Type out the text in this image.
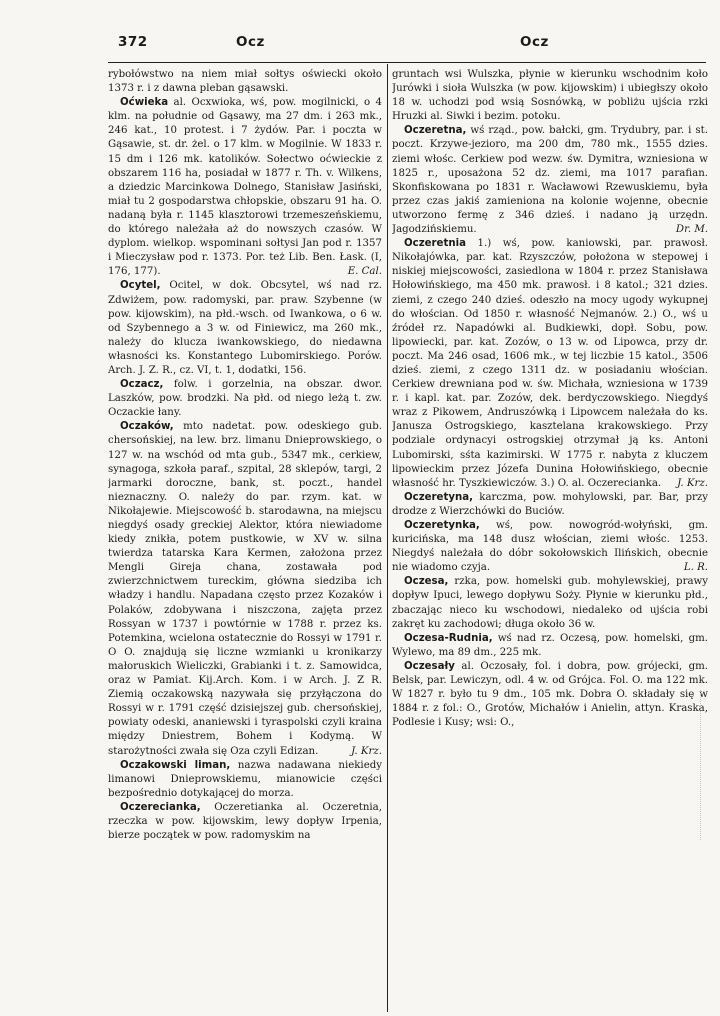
372	Ocz	Ocz

rybołówstwo na niem miał sołtys oświecki około 1373 r. i z dawna pleban gąsawski.

Oćwieka al. Ocxwioka, wś, pow. mogilnicki, o 4 klm. na południe od Gąsawy, ma 27 dm. i 263 mk., 246 kat., 10 protest. i 7 żydów. Par. i poczta w Gąsawie, st. dr. żel. o 17 klm. w Mogilnie. W 1833 r. 15 dm i 126 mk. katolików. Sołectwo oćwieckie z obszarem 116 ha, posiadał w 1877 r. Th. v. Wilkens, a dziedzic Marcinkowa Dolnego, Stanisław Jasiński, miał tu 2 gospodarstwa chłopskie, obszaru 91 ha. O. nadaną była r. 1145 klasztorowi trzemeszeńskiemu, do którego należała aż do nowszych czasów. W dyplom. wielkop. wspominani sołtysi Jan pod r. 1357 i Mieczysław pod r. 1373. Por. też Lib. Ben. Łask. (I, 176, 177).	E. Cal.

Ocytel, Ocitel, w dok. Obcsytel, wś nad rz. Zdwiżem, pow. radomyski, par. praw. Szybenne (w pow. kijowskim), na płd.-wsch. od Iwankowa, o 6 w. od Szybennego a 3 w. od Finiewicz, ma 260 mk., należy do klucza iwankowskiego, do niedawna własności ks. Konstantego Lubomirskiego. Porów. Arch. J. Z. R., cz. VI, t. 1, dodatki, 156.

Oczacz, folw. i gorzelnia, na obszar. dwor. Laszków, pow. brodzki. Na płd. od niego leżą t. zw. Oczackie łany.

Oczaków, mto nadetat. pow. odeskiego gub. chersońskiej, na lew. brz. limanu Dnieprowskiego, o 127 w. na wschód od mta gub., 5347 mk., cerkiew, synagoga, szkoła paraf., szpital, 28 sklepów, targi, 2 jarmarki doroczne, bank, st. poczt., handel nieznaczny. O. należy do par. rzym. kat. w Nikołajewie. Miejscowość b. starodawna, na miejscu niegdyś osady greckiej Alektor, która niewiadome kiedy znikła, potem pustkowie, w XV w. silna twierdza tatarska Kara Kermen, założona przez Mengli Gireja chana, zostawała pod zwierzchnictwem tureckim, główna siedziba ich władzy i handlu. Napadana często przez Kozaków i Polaków, zdobywana i niszczona, zajęta przez Rossyan w 1737 i powtórnie w 1788 r. przez ks. Potemkina, wcielona ostatecznie do Rossyi w 1791 r. O O. znajdują się liczne wzmianki u kronikarzy małoruskich Wieliczki, Grabianki i t. z. Samowidca, oraz w Pamiat. Kij.Arch. Kom. i w Arch. J. Z R. Ziemią oczakowską nazywała się przyłączona do Rossyi w r. 1791 część dzisiejszej gub. chersońskiej, powiaty odeski, ananiewski i tyraspolski czyli kraina między Dniestrem, Bohem i Kodymą. W starożytności zwała się Oza czyli Edizan.	J. Krz.

Oczakowski liman, nazwa nadawana niekiedy limanowi Dnieprowskiemu, mianowicie części bezpośrednio dotykającej do morza.

Oczerecianka, Oczeretianka al. Oczeretnia, rzeczka w pow. kijowskim, lewy dopływ Irpenia, bierze początek w pow. radomyskim na

gruntach wsi Wulszka, płynie w kierunku wschodnim koło Jurówki i sioła Wulszka (w pow. kijowskim) i ubiegłszy około 18 w. uchodzi pod wsią Sosnówką, w pobliżu ujścia rzki Hruzki al. Siwki i bezim. potoku.

Oczeretna, wś rząd., pow. bałcki, gm. Trydubry, par. i st. poczt. Krzywe-jezioro, ma 200 dm, 780 mk., 1555 dzies. ziemi włośc. Cerkiew pod wezw. św. Dymitra, wzniesiona w 1825 r., uposażona 52 dz. ziemi, ma 1017 parafian. Skonfiskowana po 1831 r. Wacławowi Rzewuskiemu, była przez czas jakiś zamieniona na kolonie wojenne, obecnie utworzono fermę z 346 dzieś. i nadano ją urzędn. Jagodzińskiemu.	Dr. M.

Oczeretnia 1.) wś, pow. kaniowski, par. prawosł. Nikołajówka, par. kat. Rzyszczów, położona w stepowej i niskiej miejscowości, zasiedlona w 1804 r. przez Stanisława Hołowińskiego, ma 450 mk. prawosł. i 8 katol.; 321 dzies. ziemi, z czego 240 dzieś. odeszło na mocy ugody wykupnej do włościan. Od 1850 r. własność Nejmanów. 2.) O., wś u źródeł rz. Napadówki al. Budkiewki, dopł. Sobu, pow. lipowiecki, par. kat. Zozów, o 13 w. od Lipowca, przy dr. poczt. Ma 246 osad, 1606 mk., w tej liczbie 15 katol., 3506 dzieś. ziemi, z czego 1311 dz. w posiadaniu włościan. Cerkiew drewniana pod w. św. Michała, wzniesiona w 1739 r. i kapl. kat. par. Zozów, dek. berdyczowskiego. Niegdyś wraz z Pikowem, Andruszówką i Lipowcem należała do ks. Janusza Ostrogskiego, kasztelana krakowskiego. Przy podziale ordynacyi ostrogskiej otrzymał ją ks. Antoni Lubomirski, sśta kazimirski. W 1775 r. nabyta z kluczem lipowieckim przez Józefa Dunina Hołowińskiego, obecnie własność hr. Tyszkiewiczów. 3.) O. al. Oczerecianka.	J. Krz.

Oczeretyna, karczma, pow. mohylowski, par. Bar, przy drodze z Wierzchówki do Buciów.

Oczeretynka, wś, pow. nowogród-wołyński, gm. kuricińska, ma 148 dusz włościan, ziemi włośc. 1253. Niegdyś należała do dóbr sokołowskich Ilińskich, obecnie nie wiadomo czyja.	L. R.

Oczesa, rzka, pow. homelski gub. mohylewskiej, prawy dopływ Ipuci, lewego dopływu Soży. Płynie w kierunku płd., zbaczając nieco ku wschodowi, niedaleko od ujścia robi zakręt ku zachodowi; długa około 36 w.

Oczesa-Rudnia, wś nad rz. Oczesą, pow. homelski, gm. Wylewo, ma 89 dm., 225 mk.

Oczesały al. Oczosały, fol. i dobra, pow. grójecki, gm. Belsk, par. Lewiczyn, odl. 4 w. od Grójca. Fol. O. ma 122 mk. W 1827 r. było tu 9 dm., 105 mk. Dobra O. składały się w 1884 r. z fol.: O., Grotów, Michałów i Anielin, attyn. Kraska, Podlesie i Kusy; wsi: O.,
